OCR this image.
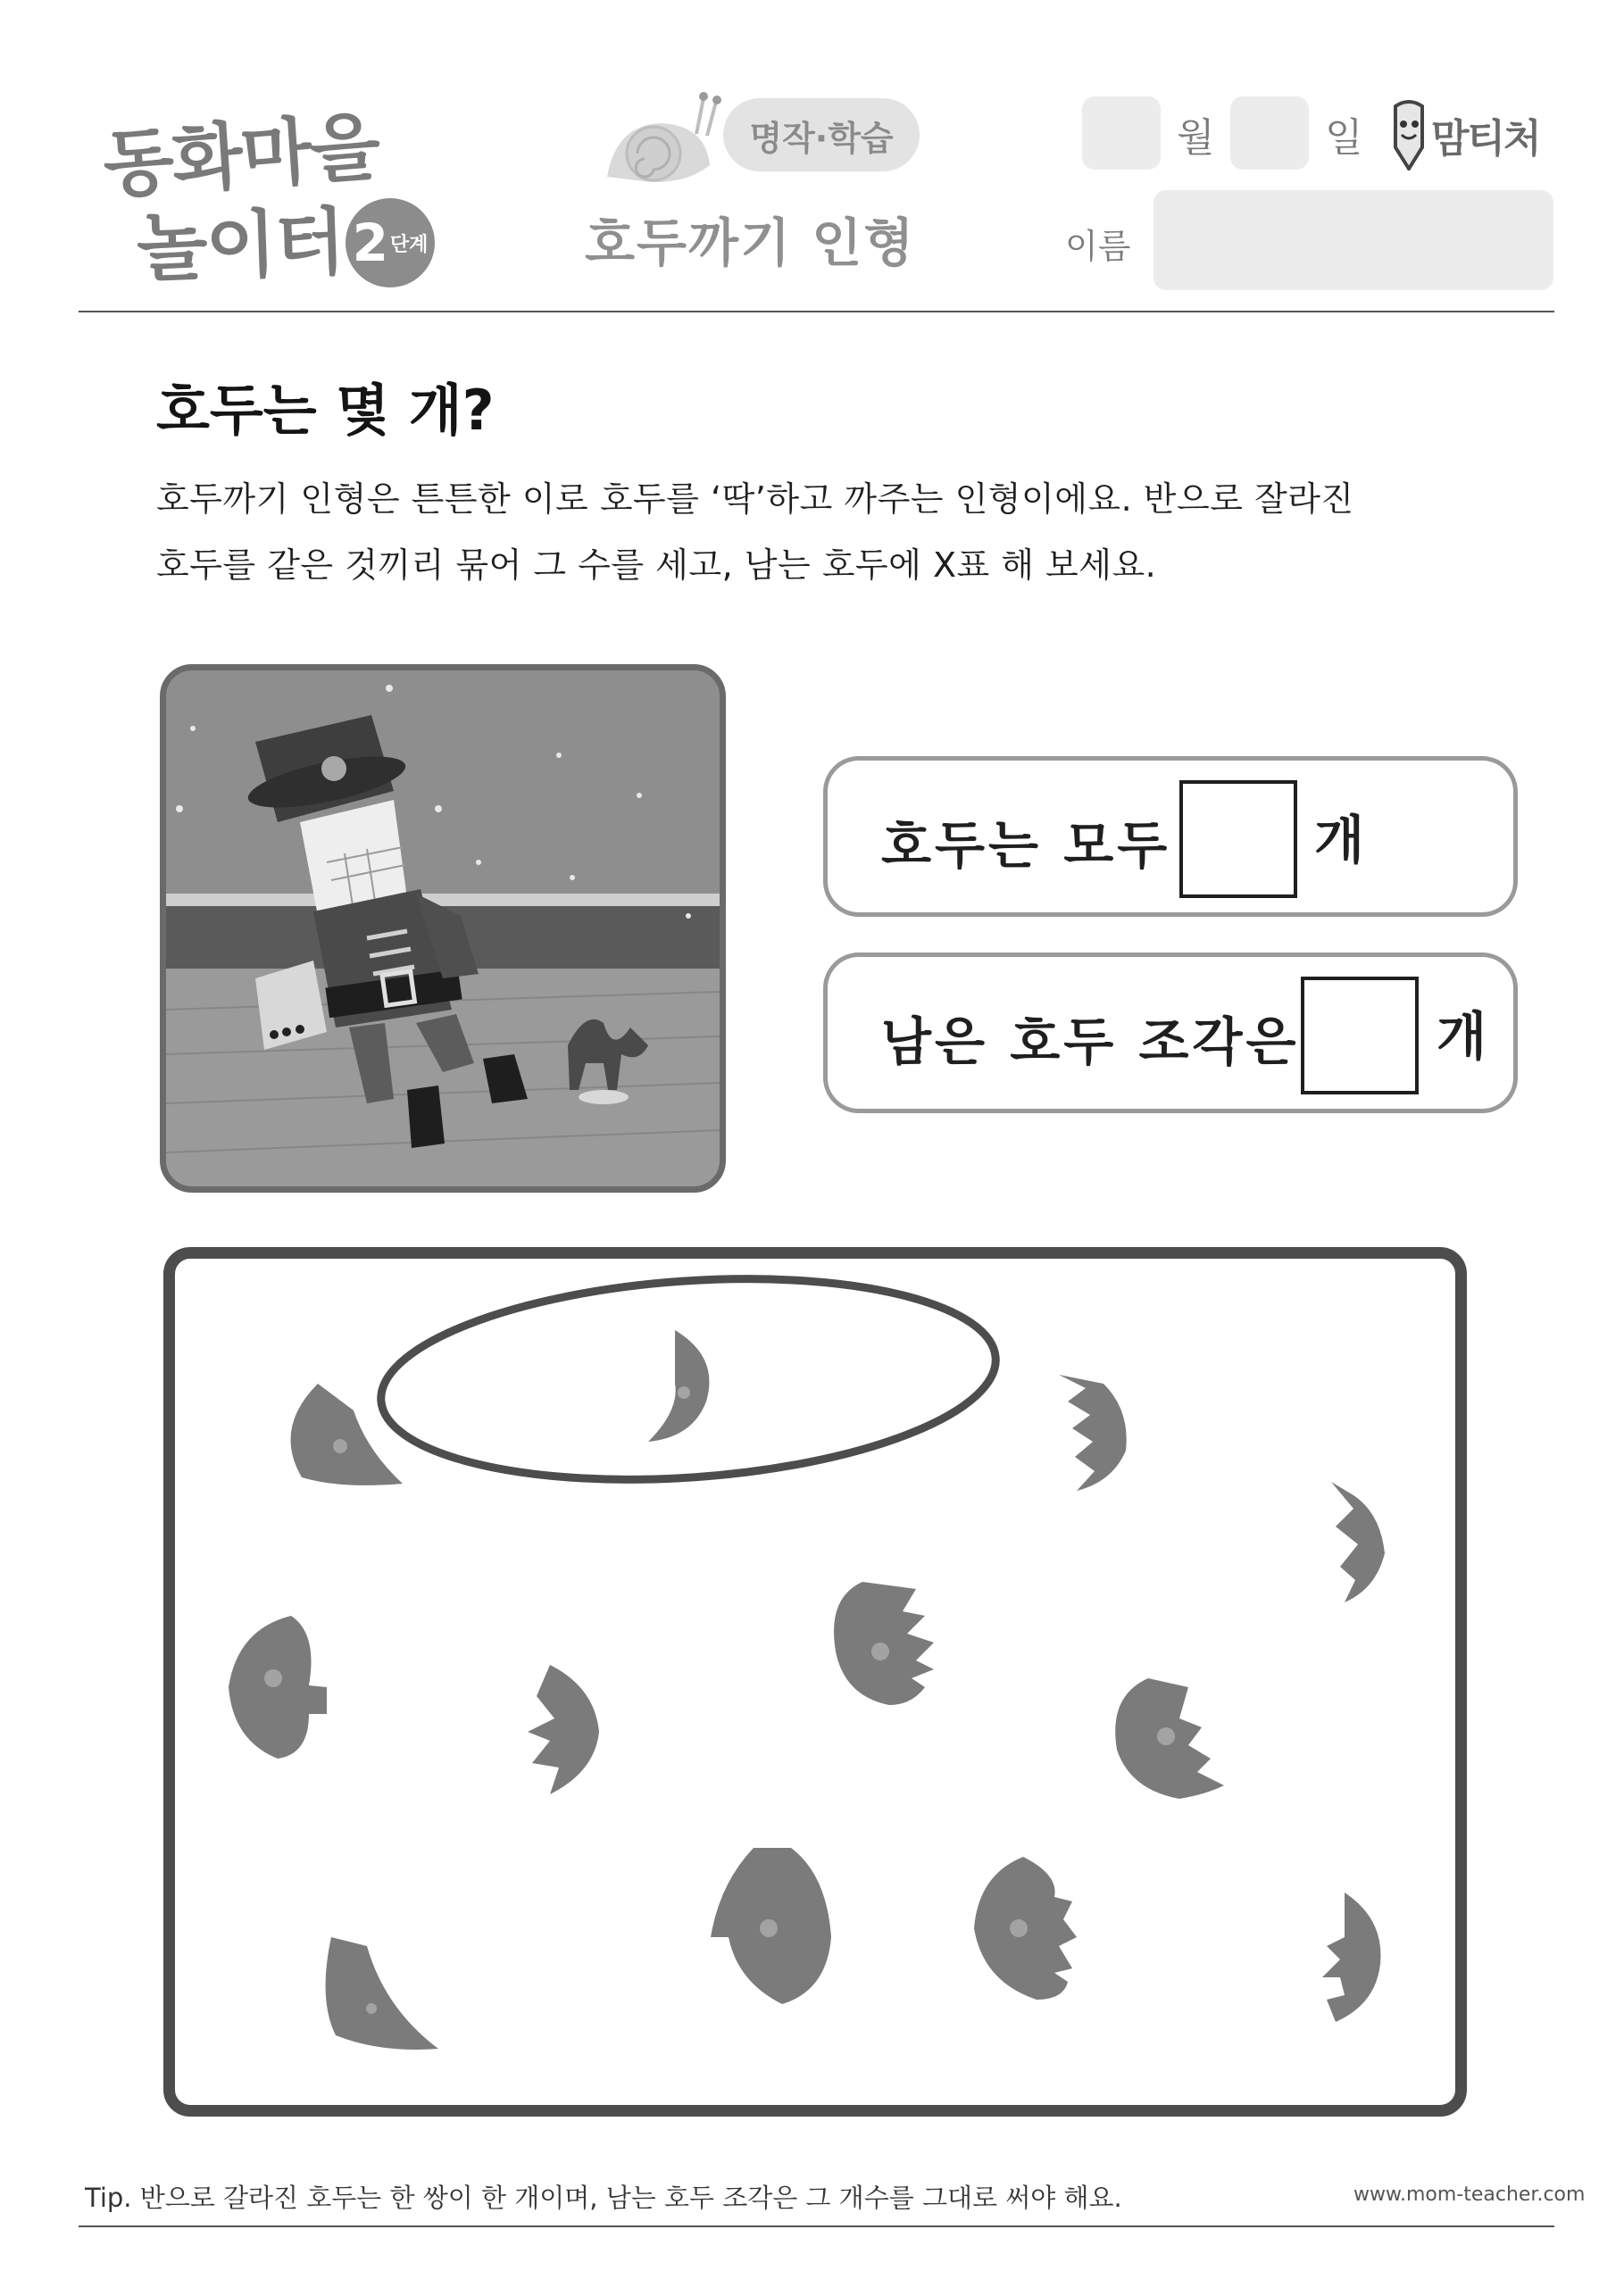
동화마을
놀이터 2 단계
명작·학습
호두까기 인형
월	일 맘티처
이름
호두는 몇 개?
호두까기 인형은 튼튼한 이로 호두를 ‘딱’하고 까주는 인형이에요. 반으로 잘라진
호두를 같은 것끼리 묶어 그 수를 세고, 남는 호두에 X표 해 보세요.
호두는 모두	개
남은 호두 조각은	개
Tip. 반으로 갈라진 호두는 한 쌍이 한 개이며, 남는 호두 조각은 그 개수를 그대로 써야 해요.	www.mom-teacher.com
